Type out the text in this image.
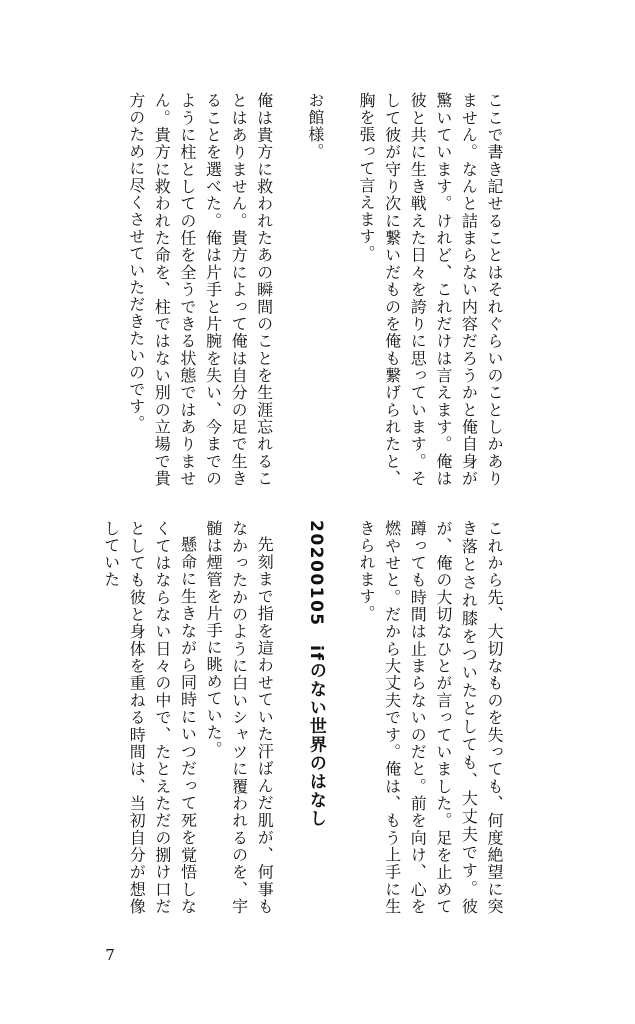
ここで書き記せることはそれぐらいのことしかありません。なんと詰まらない内容だろうかと俺自身が驚いています。けれど、これだけは言えます。俺は彼と共に生き戦えた日々を誇りに思っています。そして彼が守り次に繋いだものを俺も繋げられたと、胸を張って言えます。

お館様。

俺は貴方に救われたあの瞬間のことを生涯忘れることはありません。貴方によって俺は自分の足で生きることを選べた。俺は片手と片腕を失い、今までのように柱としての任を全うできる状態ではありません。貴方に救われた命を、柱ではない別の立場で貴方のために尽くさせていただきたいのです。

これから先、大切なものを失っても、何度絶望に突き落とされ膝をついたとしても、大丈夫です。彼が、俺の大切なひとが言っていました。足を止めて蹲っても時間は止まらないのだと。前を向け、心を燃やせと。だから大丈夫です。俺は、もう上手に生きられます。

20200105　ifのない世界のはなし

先刻まで指を這わせていた汗ばんだ肌が、何事もなかったかのように白いシャツに覆われるのを、宇髄は煙管を片手に眺めていた。

懸命に生きながら同時にいつだって死を覚悟しなくてはならない日々の中で、たとえただの捌け口だとしても彼と身体を重ねる時間は、当初自分が想像していた

7
